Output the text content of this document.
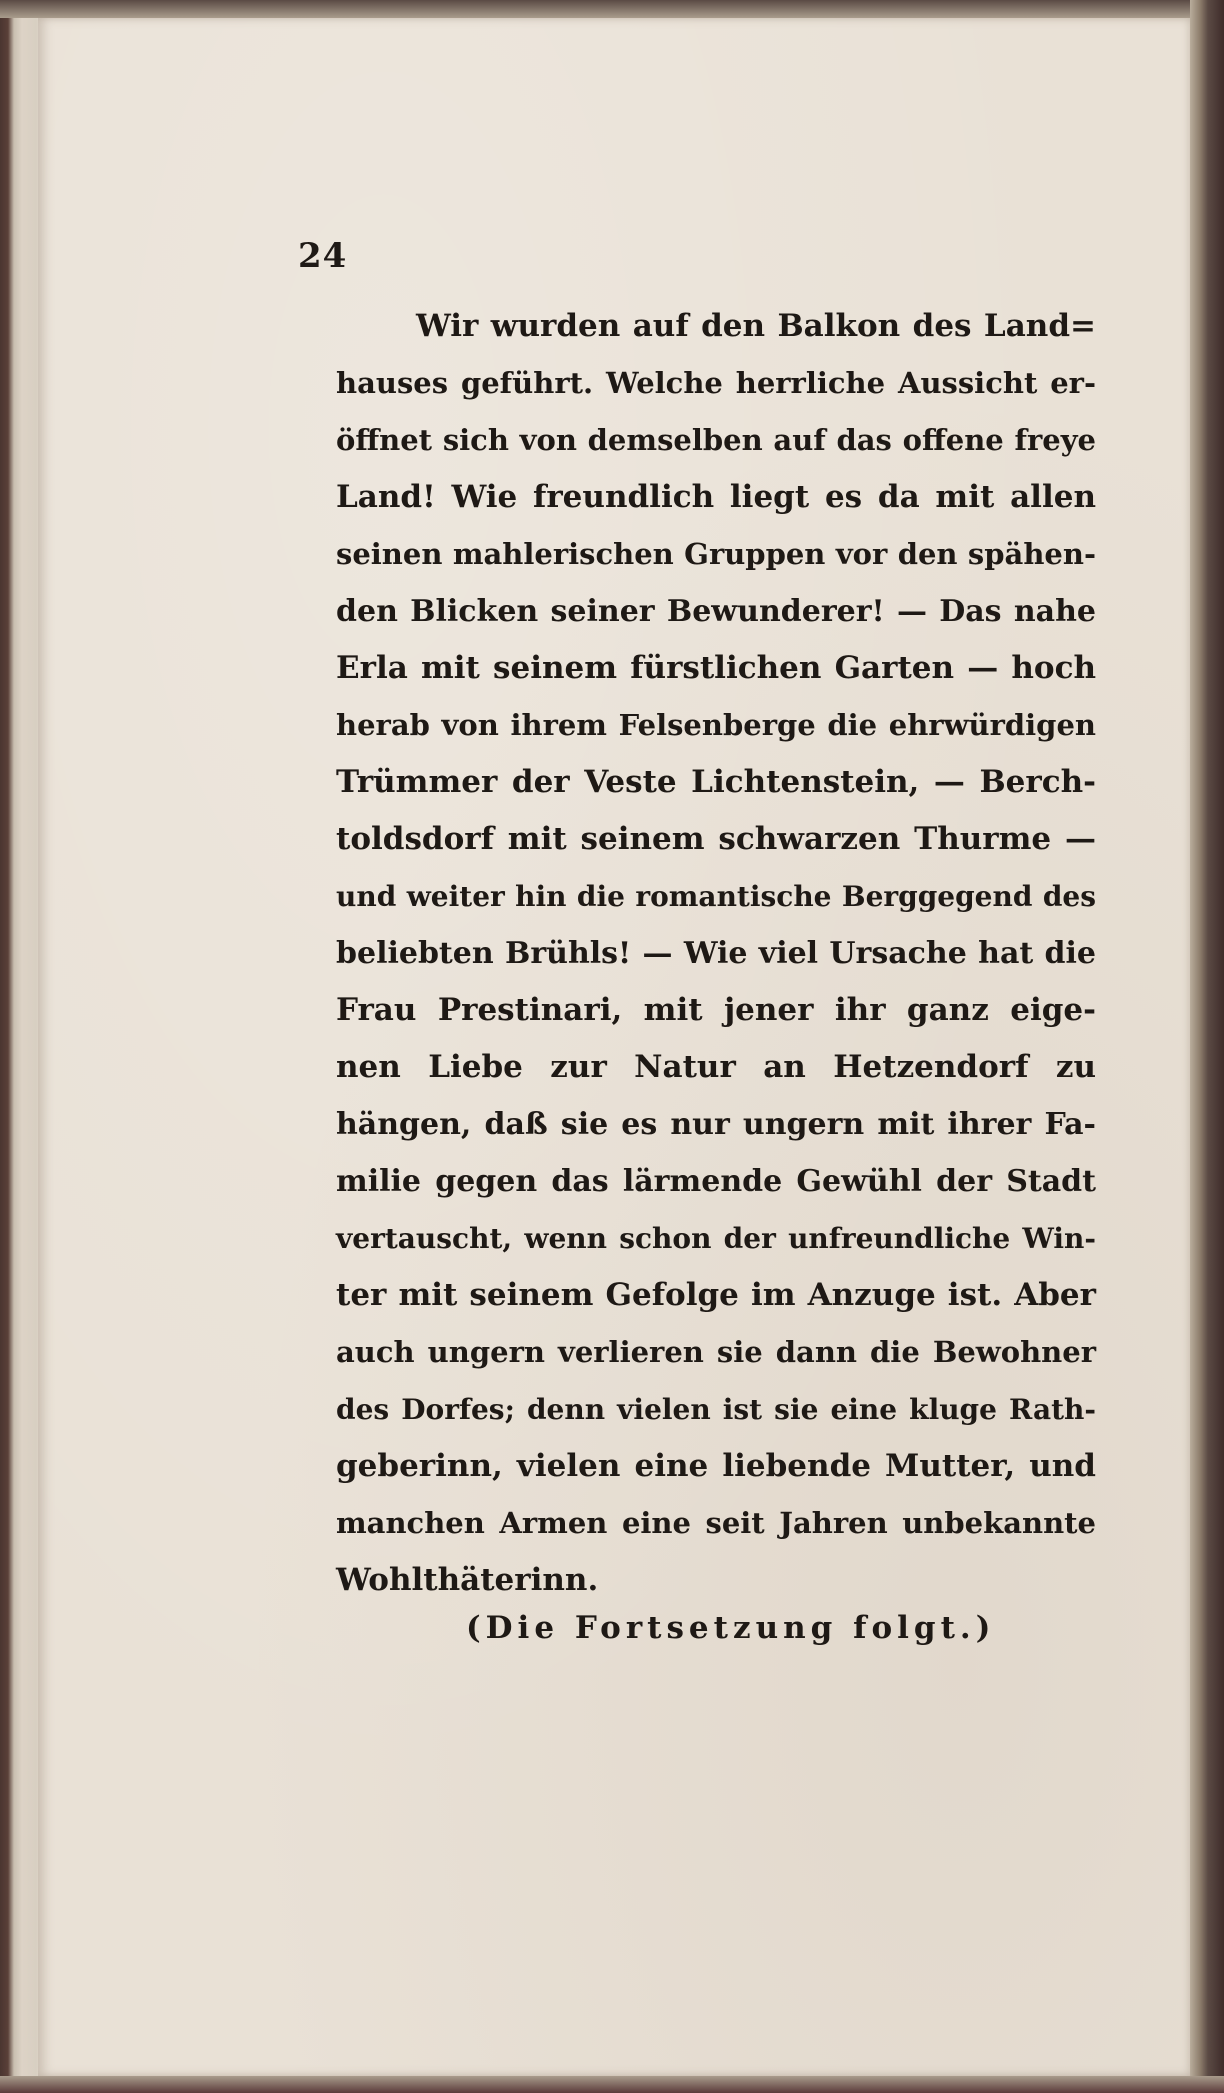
24
Wir wurden auf den Balkon des Land=
hauses geführt. Welche herrliche Aussicht er-
öffnet sich von demselben auf das offene freye
Land! Wie freundlich liegt es da mit allen
seinen mahlerischen Gruppen vor den spähen-
den Blicken seiner Bewunderer! — Das nahe
Erla mit seinem fürstlichen Garten — hoch
herab von ihrem Felsenberge die ehrwürdigen
Trümmer der Veste Lichtenstein, — Berch-
toldsdorf mit seinem schwarzen Thurme —
und weiter hin die romantische Berggegend des
beliebten Brühls! — Wie viel Ursache hat die
Frau Prestinari, mit jener ihr ganz eige-
nen Liebe zur Natur an Hetzendorf zu
hängen, daß sie es nur ungern mit ihrer Fa-
milie gegen das lärmende Gewühl der Stadt
vertauscht, wenn schon der unfreundliche Win-
ter mit seinem Gefolge im Anzuge ist. Aber
auch ungern verlieren sie dann die Bewohner
des Dorfes; denn vielen ist sie eine kluge Rath-
geberinn, vielen eine liebende Mutter, und
manchen Armen eine seit Jahren unbekannte
Wohlthäterinn.
(Die Fortsetzung folgt.)
